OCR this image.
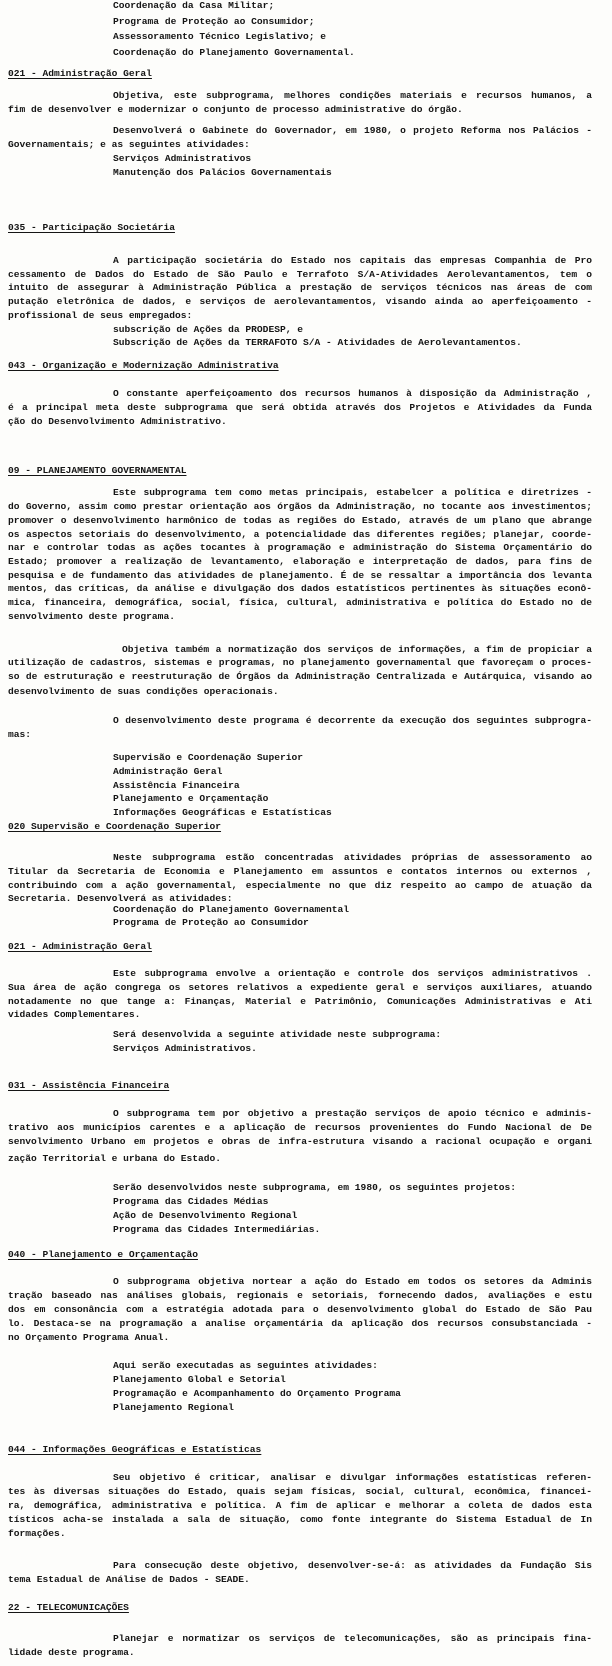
Coordenação da Casa Militar;
Programa de Proteção ao Consumidor;
Assessoramento Técnico Legislativo; e
Coordenação do Planejamento Governamental.
021 - Administração Geral
Objetiva, este subprograma, melhores condições materiais e recursos humanos, a
fim de desenvolver e modernizar o conjunto de processo administrative do órgão.
Desenvolverá o Gabinete do Governador, em 1980, o projeto Reforma nos Palácios -
Governamentais; e as seguintes atividades:
Serviços Administrativos
Manutenção dos Palácios Governamentais
035 - Participação Societária
A participação societária do Estado nos capitais das empresas Companhia de Pro
cessamento de Dados do Estado de São Paulo e Terrafoto S/A-Atividades Aerolevantamentos, tem o
intuito de assegurar à Administração Pública a prestação de serviços técnicos nas áreas de com
putação eletrônica de dados, e serviços de aerolevantamentos, visando ainda ao aperfeiçoamento -
profissional de seus empregados:
subscrição de Ações da PRODESP, e
Subscrição de Ações da TERRAFOTO S/A - Atividades de Aerolevantamentos.
043 - Organização e Modernização Administrativa
O constante aperfeiçoamento dos recursos humanos à disposição da Administração ,
é a principal meta deste subprograma que será obtida através dos Projetos e Atividades da Funda
ção do Desenvolvimento Administrativo.
09 - PLANEJAMENTO GOVERNAMENTAL
Este subprograma tem como metas principais, estabelcer a política e diretrizes -
do Governo, assim como prestar orientação aos órgãos da Administração, no tocante aos investimentos;
promover o desenvolvimento harmônico de todas as regiões do Estado, através de um plano que abrange
os aspectos setoriais do desenvolvimento, a potencialidade das diferentes regiões; planejar, coorde-
nar e controlar todas as ações tocantes à programação e administração do Sistema Orçamentário do
Estado; promover a realização de levantamento, elaboração e interpretação de dados, para fins de
pesquisa e de fundamento das atividades de planejamento. É de se ressaltar a importância dos levanta
mentos, das críticas, da análise e divulgação dos dados estatísticos pertinentes às situações econô-
mica, financeira, demográfica, social, física, cultural, administrativa e política do Estado no de
senvolvimento deste programa.
Objetiva também a normatização dos serviços de informações, a fim de propiciar a
utilização de cadastros, sistemas e programas, no planejamento governamental que favoreçam o proces-
so de estruturação e reestruturação de Órgãos da Administração Centralizada e Autárquica, visando ao
desenvolvimento de suas condições operacionais.
O desenvolvimento deste programa é decorrente da execução dos seguintes subprogra-
mas:
Supervisão e Coordenação Superior
Administração Geral
Assistência Financeira
Planejamento e Orçamentação
Informações Geográficas e Estatísticas
020 Supervisão e Coordenação Superior
Neste subprograma estão concentradas atividades próprias de assessoramento ao
Titular da Secretaria de Economia e Planejamento em assuntos e contatos internos ou externos ,
contribuindo com a ação governamental, especialmente no que diz respeito ao campo de atuação da
Secretaria. Desenvolverá as atividades:
Coordenação do Planejamento Governamental
Programa de Proteção ao Consumidor
021 - Administração Geral
Este subprograma envolve a orientação e controle dos serviços administrativos .
Sua área de ação congrega os setores relativos a expediente geral e serviços auxiliares, atuando
notadamente no que tange a: Finanças, Material e Patrimônio, Comunicações Administrativas e Ati
vidades Complementares.
Será desenvolvida a seguinte atividade neste subprograma:
Serviços Administrativos.
031 - Assistência Financeira
O subprograma tem por objetivo a prestação serviços de apoio técnico e adminis-
trativo aos municípios carentes e a aplicação de recursos provenientes do Fundo Nacional de De
senvolvimento Urbano em projetos e obras de infra-estrutura visando a racional ocupação e organi
zação Territorial e urbana do Estado.
Serão desenvolvidos neste subprograma, em 1980, os seguintes projetos:
Programa das Cidades Médias
Ação de Desenvolvimento Regional
Programa das Cidades Intermediárias.
040 - Planejamento e Orçamentação
O subprograma objetiva nortear a ação do Estado em todos os setores da Adminis
tração baseado nas análises globais, regionais e setoriais, fornecendo dados, avaliações e estu
dos em consonância com a estratégia adotada para o desenvolvimento global do Estado de São Pau
lo. Destaca-se na programação a analise orçamentária da aplicação dos recursos consubstanciada -
no Orçamento Programa Anual.
Aqui serão executadas as seguintes atividades:
Planejamento Global e Setorial
Programação e Acompanhamento do Orçamento Programa
Planejamento Regional
044 - Informações Geográficas e Estatísticas
Seu objetivo é criticar, analisar e divulgar informações estatísticas referen-
tes às diversas situações do Estado, quais sejam físicas, social, cultural, econômica, financei-
ra, demográfica, administrativa e política. A fim de aplicar e melhorar a coleta de dados esta
tísticos acha-se instalada a sala de situação, como fonte integrante do Sistema Estadual de In
formações.
Para consecução deste objetivo, desenvolver-se-á: as atividades da Fundação Sis
tema Estadual de Análise de Dados - SEADE.
22 - TELECOMUNICAÇÕES
Planejar e normatizar os serviços de telecomunicações, são as principais fina-
lidade deste programa.
